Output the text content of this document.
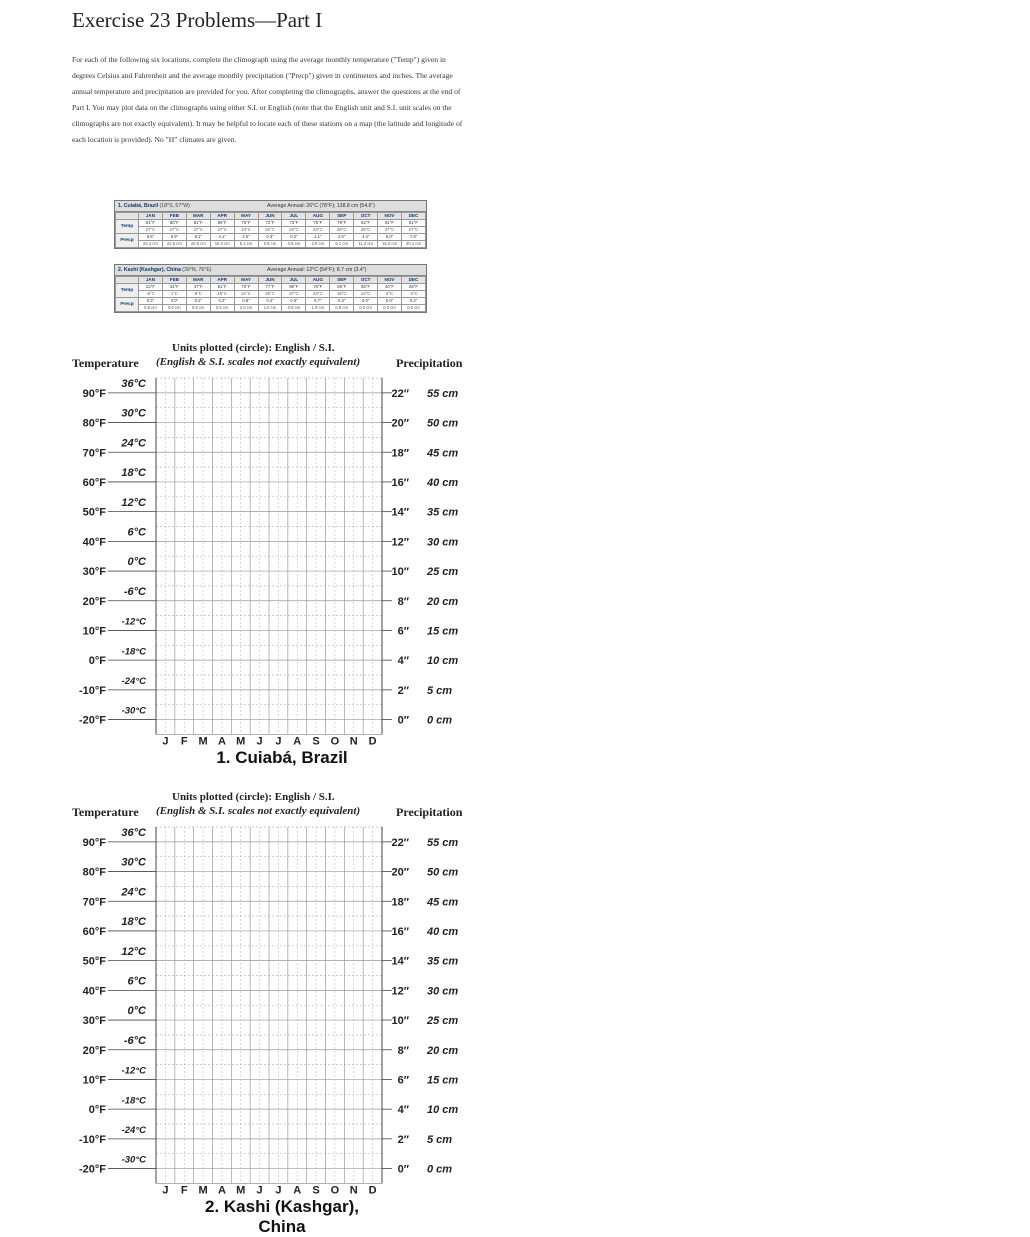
Exercise 23 Problems—Part I
For each of the following six locations, complete the climograph using the average monthly temperature ("Temp") given in degrees Celsius and Fahrenheit and the average monthly precipitation ("Precp") given in centimeters and inches. The average annual temperature and precipitation are provided for you. After completing the climographs, answer the questions at the end of Part I. You may plot data on the climographs using either S.I. or English (note that the English unit and S.I. unit scales on the climographs are not exactly equivalent). It may be helpful to locate each of these stations on a map (the latitude and longitude of each location is provided). No "H" climates are given.
1. Cuiabá, Brazil (18°S, 57°W)	Average Annual: 26°C (78°F); 138.8 cm (54.6″)
	JAN	FEB	MAR	APR	MAY	JUN	JUL	AUG	SEP	OCT	NOV	DEC
Temp	81°F	80°F	81°F	80°F	75°F	72°F	73°F	75°F	79°F	82°F	81°F	81°F
	27°C	27°C	27°C	27°C	24°C	22°C	23°C	24°C	26°C	28°C	27°C	27°C
Precp	9.6″	8.9″	8.1″	4.1″	2.0″	0.3″	0.2″	1.1″	2.0″	4.4″	6.0″	7.9″
	24.4 cm	22.6 cm	20.6 cm	10.4 cm	5.1 cm	0.8 cm	0.5 cm	2.8 cm	5.1 cm	11.2 cm	15.2 cm	20.1 cm
2. Kashi (Kashgar), China (39°N, 76°E)	Average Annual: 12°C (54°F); 8.7 cm (3.4″)
	JAN	FEB	MAR	APR	MAY	JUN	JUL	AUG	SEP	OCT	NOV	DEC
Temp	22°F	34°F	47°F	61°F	70°F	77°F	80°F	76°F	59°F	56°F	40°F	26°F
	-6°C	1°C	8°C	16°C	21°C	25°C	27°C	24°C	15°C	13°C	4°C	-3°C
Precp	0.3″	0.0″	0.2″	0.2″	0.8″	0.4″	0.3″	0.7″	0.3″	0.0″	0.0″	0.2″
	0.8 cm	0.0 cm	0.5 cm	0.5 cm	2.0 cm	1.0 cm	0.8 cm	1.8 cm	0.8 cm	0.0 cm	0.0 cm	0.5 cm
36°C
90°F	22″ 55 cm
30°C
80°F	20″ 50 cm
24°C
70°F	18″ 45 cm
18°C
60°F	16″ 40 cm
12°C
50°F	14″ 35 cm
6°C
40°F	12″ 30 cm
0°C
30°F	10″ 25 cm
-6°C
20°F	8″ 20 cm
-12°C
10°F	6″ 15 cm
-18°C
0°F	4″ 10 cm
-24°C
-10°F	2″ 5 cm
-30°C
-20°F	0″ 0 cm
J F M A M J J A S O N D
Units plotted (circle): English / S.I.
Temperature (English & S.I. scales not exactly equivalent)	Precipitation
1. Cuiabá, Brazil
36°C
90°F	22″ 55 cm
30°C
80°F	20″ 50 cm
24°C
70°F	18″ 45 cm
18°C
60°F	16″ 40 cm
12°C
50°F	14″ 35 cm
6°C
40°F	12″ 30 cm
0°C
30°F	10″ 25 cm
-6°C
20°F	8″ 20 cm
-12°C
10°F	6″ 15 cm
-18°C
0°F	4″ 10 cm
-24°C
-10°F	2″ 5 cm
-30°C
-20°F	0″ 0 cm
J F M A M J J A S O N D
Units plotted (circle): English / S.I.
Temperature (English & S.I. scales not exactly equivalent)	Precipitation
2. Kashi (Kashgar), China
